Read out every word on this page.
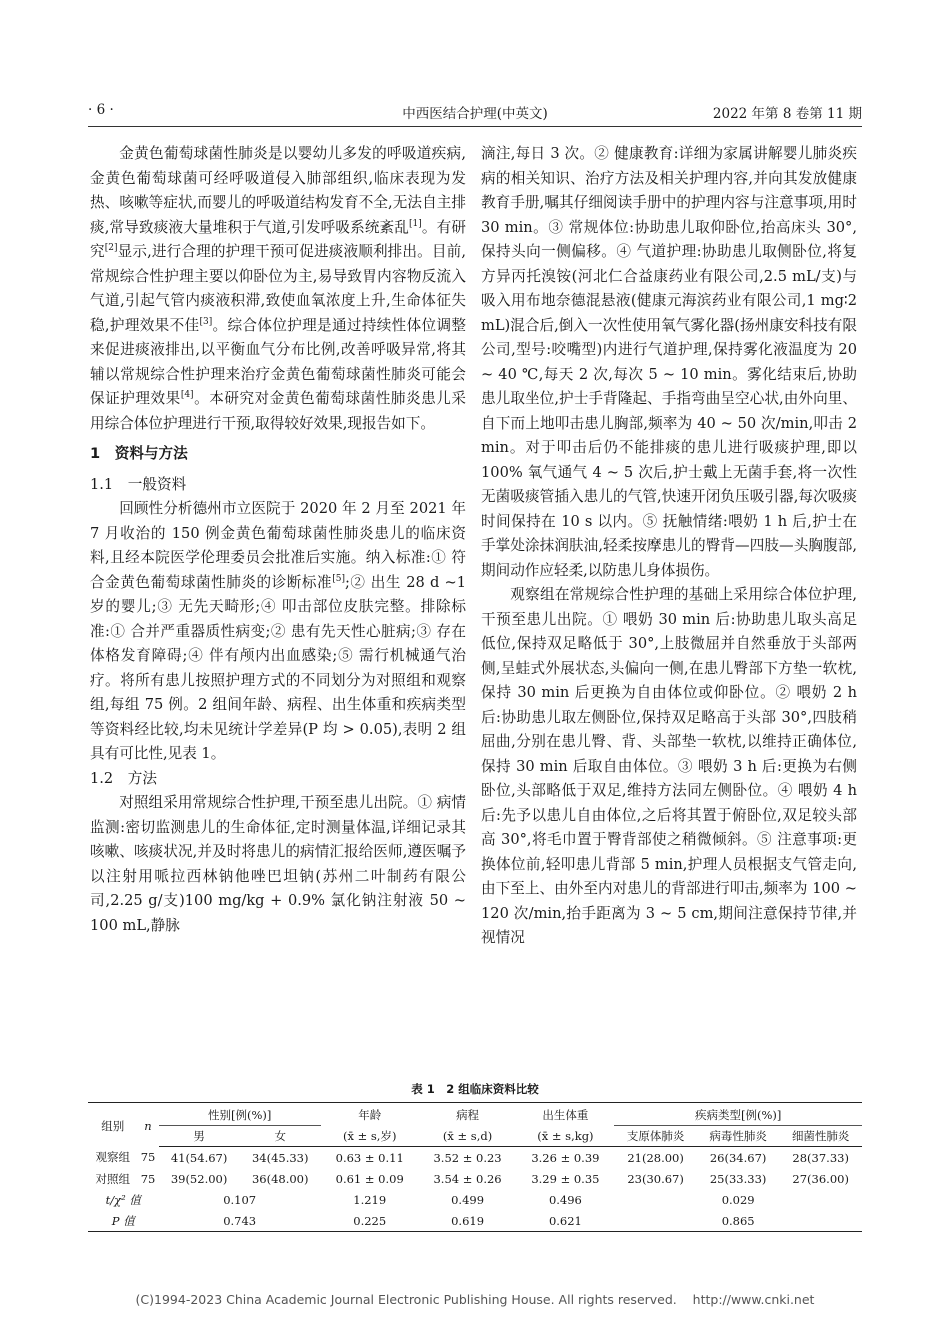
· 6 ·	中西医结合护理(中英文)	2022 年第 8 卷第 11 期

金黄色葡萄球菌性肺炎是以婴幼儿多发的呼吸道疾病,金黄色葡萄球菌可经呼吸道侵入肺部组织,临床表现为发热、咳嗽等症状,而婴儿的呼吸道结构发育不全,无法自主排痰,常导致痰液大量堆积于气道,引发呼吸系统紊乱[1]。有研究[2]显示,进行合理的护理干预可促进痰液顺利排出。目前,常规综合性护理主要以仰卧位为主,易导致胃内容物反流入气道,引起气管内痰液积滞,致使血氧浓度上升,生命体征失稳,护理效果不佳[3]。综合体位护理是通过持续性体位调整来促进痰液排出,以平衡血气分布比例,改善呼吸异常,将其辅以常规综合性护理来治疗金黄色葡萄球菌性肺炎可能会保证护理效果[4]。本研究对金黄色葡萄球菌性肺炎患儿采用综合体位护理进行干预,取得较好效果,现报告如下。

1　资料与方法
1.1　一般资料

回顾性分析德州市立医院于 2020 年 2 月至 2021 年 7 月收治的 150 例金黄色葡萄球菌性肺炎患儿的临床资料,且经本院医学伦理委员会批准后实施。纳入标准:① 符合金黄色葡萄球菌性肺炎的诊断标准[5];② 出生 28 d ~1 岁的婴儿;③ 无先天畸形;④ 叩击部位皮肤完整。排除标准:① 合并严重器质性病变;② 患有先天性心脏病;③ 存在体格发育障碍;④ 伴有颅内出血感染;⑤ 需行机械通气治疗。将所有患儿按照护理方式的不同划分为对照组和观察组,每组 75 例。2 组间年龄、病程、出生体重和疾病类型等资料经比较,均未见统计学差异(P 均 > 0.05),表明 2 组具有可比性,见表 1。

1.2　方法

对照组采用常规综合性护理,干预至患儿出院。① 病情监测:密切监测患儿的生命体征,定时测量体温,详细记录其咳嗽、咳痰状况,并及时将患儿的病情汇报给医师,遵医嘱予以注射用哌拉西林钠他唑巴坦钠(苏州二叶制药有限公司,2.25 g/支)100 mg/kg + 0.9% 氯化钠注射液 50 ~ 100 mL,静脉

滴注,每日 3 次。② 健康教育:详细为家属讲解婴儿肺炎疾病的相关知识、治疗方法及相关护理内容,并向其发放健康教育手册,嘱其仔细阅读手册中的护理内容与注意事项,用时 30 min。③ 常规体位:协助患儿取仰卧位,抬高床头 30°,保持头向一侧偏移。④ 气道护理:协助患儿取侧卧位,将复方异丙托溴铵(河北仁合益康药业有限公司,2.5 mL/支)与吸入用布地奈德混悬液(健康元海滨药业有限公司,1 mg∶2 mL)混合后,倒入一次性使用氧气雾化器(扬州康安科技有限公司,型号:咬嘴型)内进行气道护理,保持雾化液温度为 20 ~ 40 ℃,每天 2 次,每次 5 ~ 10 min。雾化结束后,协助患儿取坐位,护士手背隆起、手指弯曲呈空心状,由外向里、自下而上地叩击患儿胸部,频率为 40 ~ 50 次/min,叩击 2 min。对于叩击后仍不能排痰的患儿进行吸痰护理,即以 100% 氧气通气 4 ~ 5 次后,护士戴上无菌手套,将一次性无菌吸痰管插入患儿的气管,快速开闭负压吸引器,每次吸痰时间保持在 10 s 以内。⑤ 抚触情绪:喂奶 1 h 后,护士在手掌处涂抹润肤油,轻柔按摩患儿的臀背—四肢—头胸腹部,期间动作应轻柔,以防患儿身体损伤。

观察组在常规综合性护理的基础上采用综合体位护理,干预至患儿出院。① 喂奶 30 min 后:协助患儿取头高足低位,保持双足略低于 30°,上肢微屈并自然垂放于头部两侧,呈蛙式外展状态,头偏向一侧,在患儿臀部下方垫一软枕,保持 30 min 后更换为自由体位或仰卧位。② 喂奶 2 h 后:协助患儿取左侧卧位,保持双足略高于头部 30°,四肢稍屈曲,分别在患儿臀、背、头部垫一软枕,以维持正确体位,保持 30 min 后取自由体位。③ 喂奶 3 h 后:更换为右侧卧位,头部略低于双足,维持方法同左侧卧位。④ 喂奶 4 h 后:先予以患儿自由体位,之后将其置于俯卧位,双足较头部高 30°,将毛巾置于臀背部使之稍微倾斜。⑤ 注意事项:更换体位前,轻叩患儿背部 5 min,护理人员根据支气管走向,由下至上、由外至内对患儿的背部进行叩击,频率为 100 ~ 120 次/min,抬手距离为 3 ~ 5 cm,期间注意保持节律,并视情况

表 1　2 组临床资料比较
组别	n	性别[例(%)]		年龄	病程	出生体重	疾病类型[例(%)]		
		男	女	(x̄ ± s,岁)	(x̄ ± s,d)	(x̄ ± s,kg)	支原体肺炎	病毒性肺炎	细菌性肺炎
观察组	75	41(54.67)	34(45.33)	0.63 ± 0.11	3.52 ± 0.23	3.26 ± 0.39	21(28.00)	26(34.67)	28(37.33)
对照组	75	39(52.00)	36(48.00)	0.61 ± 0.09	3.54 ± 0.26	3.29 ± 0.35	23(30.67)	25(33.33)	27(36.00)
t/χ² 值		0.107		1.219	0.499	0.496	0.029		
P 值		0.743		0.225	0.619	0.621	0.865		
(C)1994-2023 China Academic Journal Electronic Publishing House. All rights reserved.    http://www.cnki.net
